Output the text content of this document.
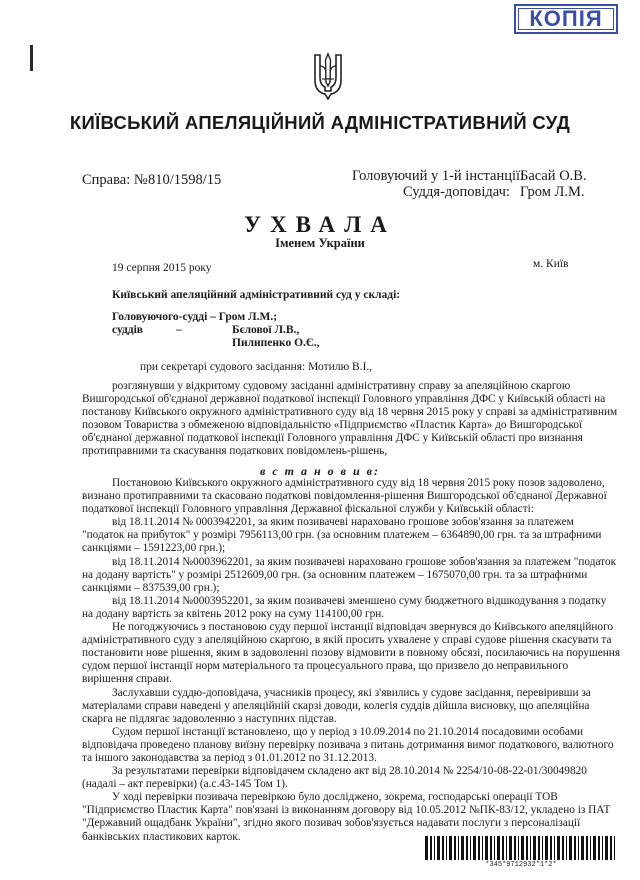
КОПІЯ
КИЇВСЬКИЙ АПЕЛЯЦІЙНИЙ АДМІНІСТРАТИВНИЙ СУД
Справа: № 810/1598/15	Головуючий у 1-й інстанції:
Басай О.В.
Суддя-доповідач: Гром Л.М.
УХВАЛА
Іменем України
19 серпня 2015 року	м. Київ
Київський апеляційний адміністративний суд у складі:
Головуючого-судді – Гром Л.М.;
суддів	–	Бєлової Л.В.,
Пилипенко О.Є.,
при секретарі судового засідання: Мотилю В.І.,
розглянувши у відкритому судовому засіданні адміністративну справу за апеляційною скаргою
Вишгородської об'єднаної державної податкової інспекції Головного управління ДФС у Київській області на
постанову Київського окружного адміністративного суду від 18 червня 2015 року у справі за адміністративним
позовом Товариства з обмеженою відповідальністю «Підприємство «Пластик Карта» до Вишгородської
об'єднаної державної податкової інспекції Головного управління ДФС у Київській області про визнання
протиправними та скасування податкових повідомлень-рішень,
в с т а н о в и в:
Постановою Київського окружного адміністративного суду від 18 червня 2015 року позов задоволено,
визнано протиправними та скасовано податкові повідомлення-рішення Вишгородської об'єднаної Державної
податкової інспекції Головного управління Державної фіскальної служби у Київській області:
від 18.11.2014 № 0003942201, за яким позивачеві нараховано грошове зобов'язання за платежем
"податок на прибуток" у розмірі 7956113,00 грн. (за основним платежем – 6364890,00 грн. та за штрафними
санкціями – 1591223,00 грн.);
від 18.11.2014 №0003962201, за яким позивачеві нараховано грошове зобов'язання за платежем "податок
на додану вартість" у розмірі 2512609,00 грн. (за основним платежем – 1675070,00 грн. та за штрафними
санкціями – 837539,00 грн.);
від 18.11.2014 №0003952201, за яким позивачеві зменшено суму бюджетного відшкодування з податку
на додану вартість за квітень 2012 року на суму 114100,00 грн.
Не погоджуючись з постановою суду першої інстанції відповідач звернувся до Київського апеляційного
адміністративного суду з апеляційною скаргою, в якій просить ухвалене у справі судове рішення скасувати та
постановити нове рішення, яким в задоволенні позову відмовити в повному обсязі, посилаючись на порушення
судом першої інстанції норм матеріального та процесуального права, що призвело до неправильного
вирішення справи.
Заслухавши суддю-доповідача, учасників процесу, які з'явились у судове засідання, перевіривши за
матеріалами справи наведені у апеляційній скарзі доводи, колегія суддів дійшла висновку, що апеляційна
скарга не підлягає задоволенню з наступних підстав.
Судом першої інстанції встановлено, що у період з 10.09.2014 по 21.10.2014 посадовими особами
відповідача проведено планову виїзну перевірку позивача з питань дотримання вимог податкового, валютного
та іншого законодавства за період з 01.01.2012 по 31.12.2013.
За результатами перевірки відповідачем складено акт від 28.10.2014 № 2254/10-08-22-01/30049820
(надалі – акт перевірки) (а.с.43-145 Том 1).
У ході перевірки позивача перевіркою було досліджено, зокрема, господарські операції ТОВ
"Підприємство Пластик Карта" пов'язані із виконанням договору від 10.05.2012 №ПК-83/12, укладено із ПАТ
"Державний ощадбанк України", згідно якого позивач зобов'язується надавати послуги з персоналізації
банківських пластикових карток.
*345*9712932*1*2*
